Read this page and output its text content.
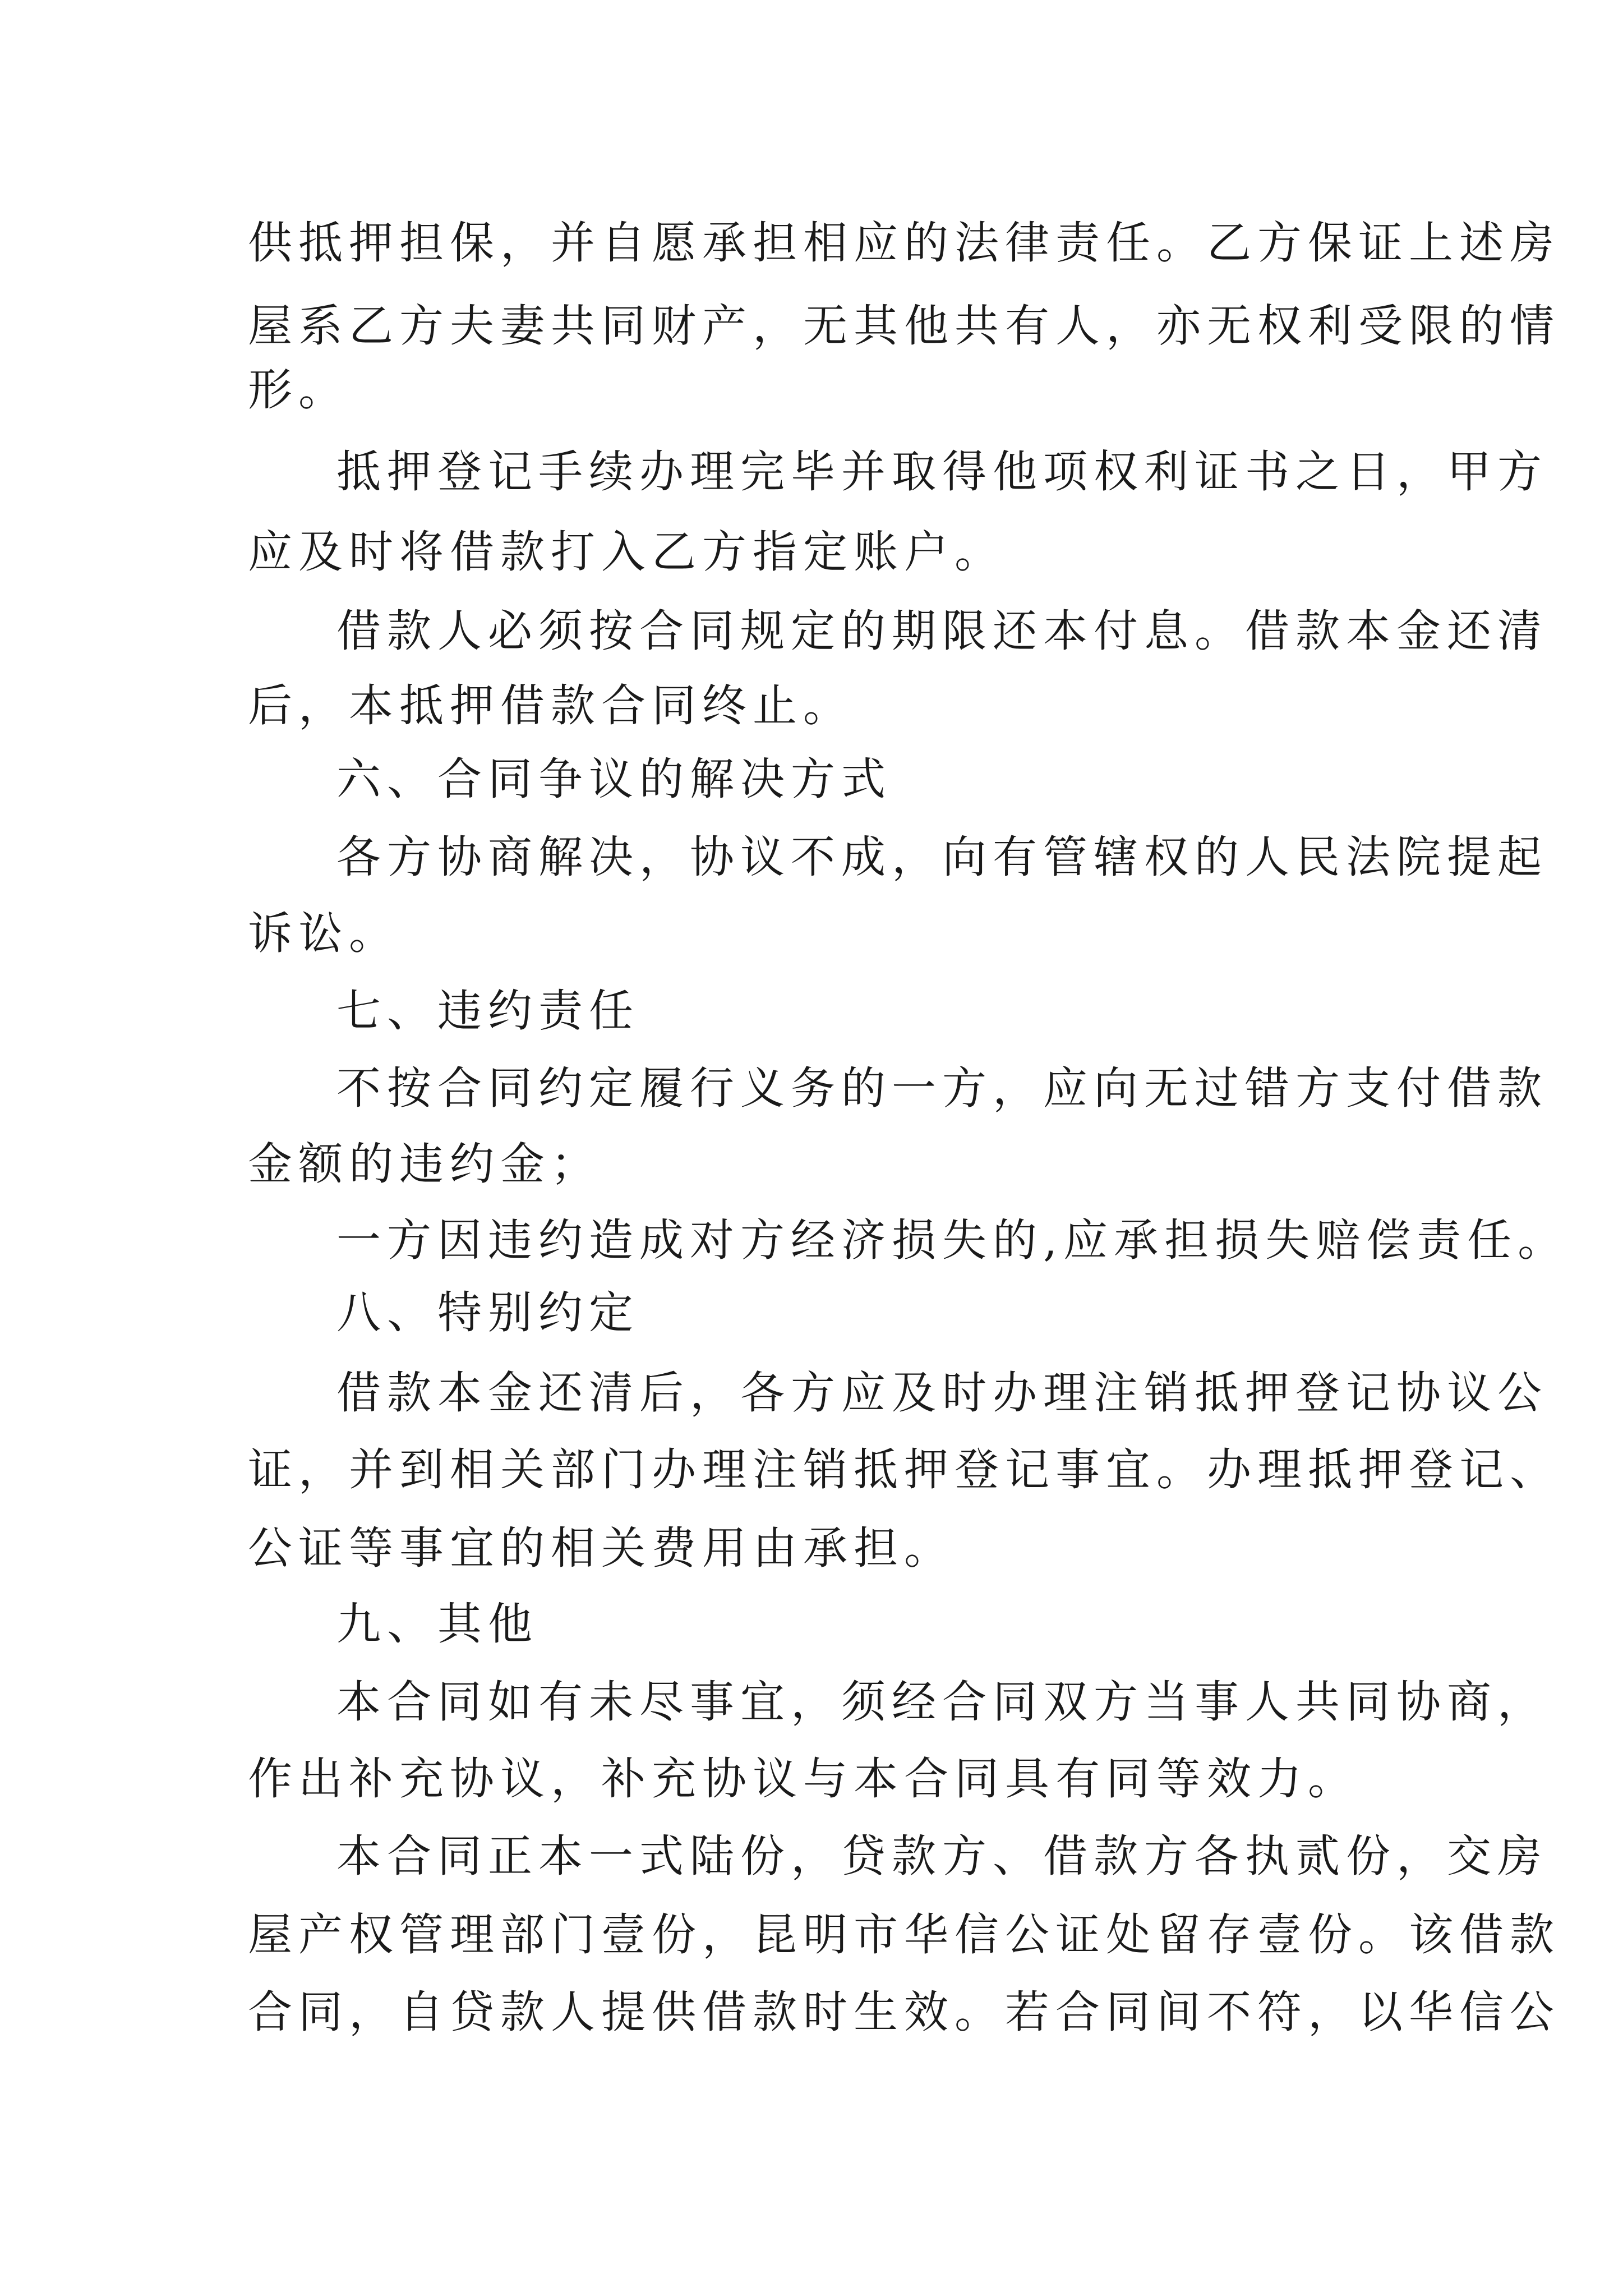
供抵押担保，并自愿承担相应的法律责任。乙方保证上述房
屋系乙方夫妻共同财产，无其他共有人，亦无权利受限的情
形。
抵押登记手续办理完毕并取得他项权利证书之日，甲方
应及时将借款打入乙方指定账户。
借款人必须按合同规定的期限还本付息。借款本金还清
后，本抵押借款合同终止。
六、合同争议的解决方式
各方协商解决，协议不成，向有管辖权的人民法院提起
诉讼。
七、违约责任
不按合同约定履行义务的一方，应向无过错方支付借款
金额的违约金；
一方因违约造成对方经济损失的,应承担损失赔偿责任。
八、特别约定
借款本金还清后，各方应及时办理注销抵押登记协议公
证，并到相关部门办理注销抵押登记事宜。办理抵押登记、
公证等事宜的相关费用由承担。
九、其他
本合同如有未尽事宜，须经合同双方当事人共同协商，
作出补充协议，补充协议与本合同具有同等效力。
本合同正本一式陆份，贷款方、借款方各执贰份，交房
屋产权管理部门壹份，昆明市华信公证处留存壹份。该借款
合同，自贷款人提供借款时生效。若合同间不符，以华信公
